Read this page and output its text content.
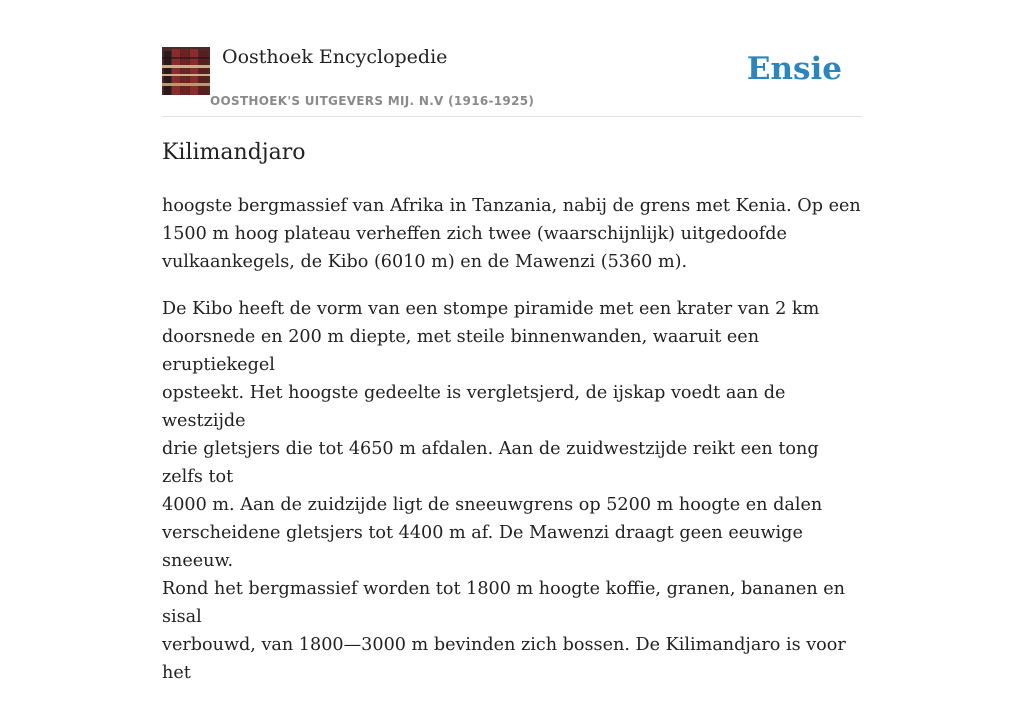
Oosthoek Encyclopedie
OOSTHOEK'S UITGEVERS MIJ. N.V (1916-1925)
Ensie
Kilimandjaro

hoogste bergmassief van Afrika in Tanzania, nabij de grens met Kenia. Op een
1500 m hoog plateau verheffen zich twee (waarschijnlijk) uitgedoofde
vulkaankegels, de Kibo (6010 m) en de Mawenzi (5360 m).

De Kibo heeft de vorm van een stompe piramide met een krater van 2 km
doorsnede en 200 m diepte, met steile binnenwanden, waaruit een eruptiekegel
opsteekt. Het hoogste gedeelte is vergletsjerd, de ijskap voedt aan de westzijde
drie gletsjers die tot 4650 m afdalen. Aan de zuidwestzijde reikt een tong zelfs tot
4000 m. Aan de zuidzijde ligt de sneeuwgrens op 5200 m hoogte en dalen
verscheidene gletsjers tot 4400 m af. De Mawenzi draagt geen eeuwige sneeuw.
Rond het bergmassief worden tot 1800 m hoogte koffie, granen, bananen en sisal
verbouwd, van 1800—3000 m bevinden zich bossen. De Kilimandjaro is voor het
